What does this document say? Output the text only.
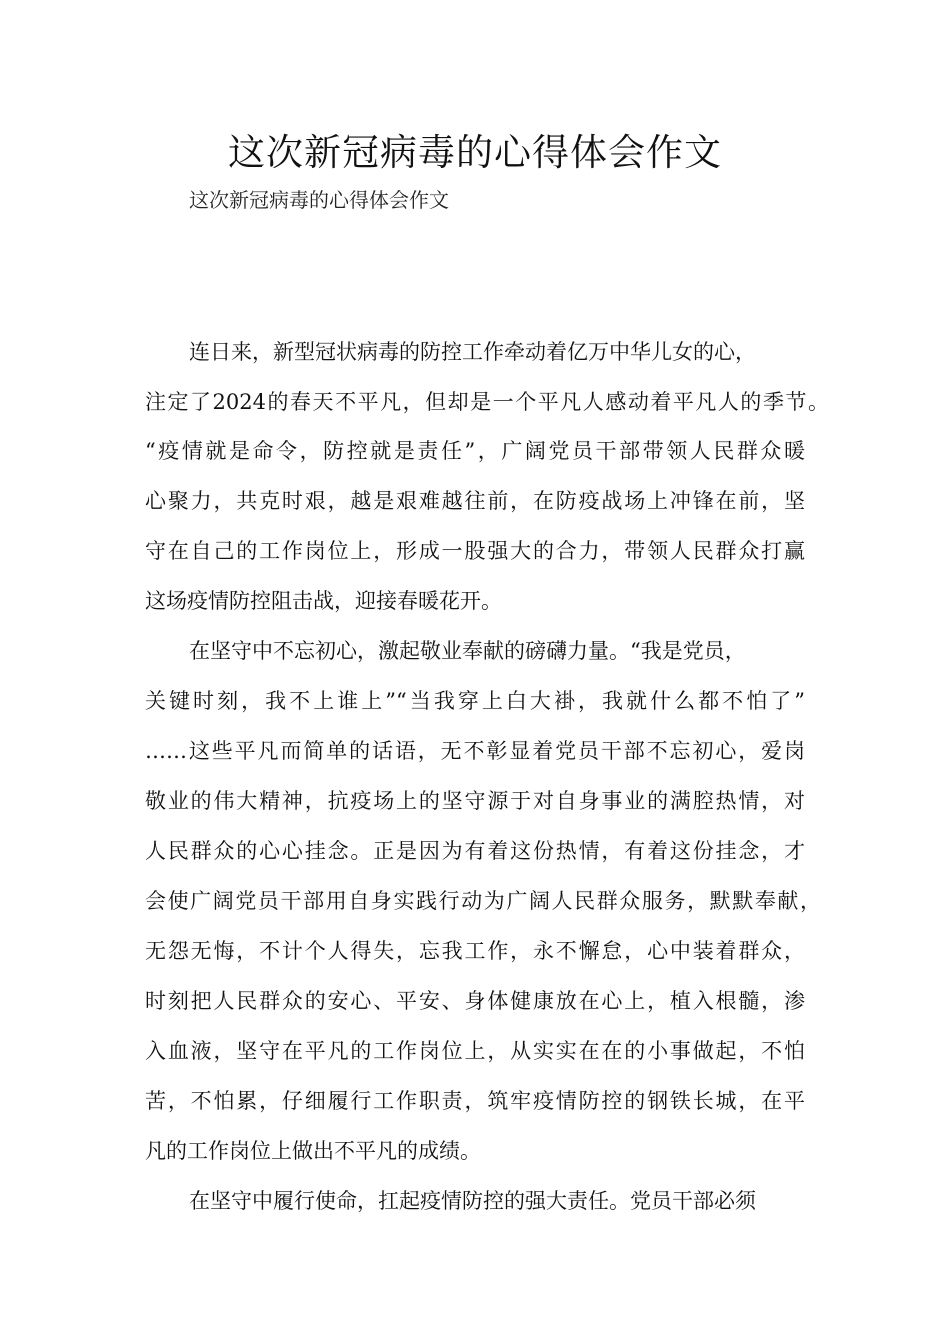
这次新冠病毒的心得体会作文
这次新冠病毒的心得体会作文
连日来，新型冠状病毒的防控工作牵动着亿万中华儿女的心，
注定了2024的春天不平凡，但却是一个平凡人感动着平凡人的季节。
“疫情就是命令，防控就是责任”，广阔党员干部带领人民群众暖
心聚力，共克时艰，越是艰难越往前，在防疫战场上冲锋在前，坚
守在自己的工作岗位上，形成一股强大的合力，带领人民群众打赢
这场疫情防控阻击战，迎接春暖花开。
在坚守中不忘初心，激起敬业奉献的磅礴力量。“我是党员，
关键时刻，我不上谁上”“当我穿上白大褂，我就什么都不怕了”
……这些平凡而简单的话语，无不彰显着党员干部不忘初心，爱岗
敬业的伟大精神，抗疫场上的坚守源于对自身事业的满腔热情，对
人民群众的心心挂念。正是因为有着这份热情，有着这份挂念，才
会使广阔党员干部用自身实践行动为广阔人民群众服务，默默奉献，
无怨无悔，不计个人得失，忘我工作，永不懈怠，心中装着群众，
时刻把人民群众的安心、平安、身体健康放在心上，植入根髓，渗
入血液，坚守在平凡的工作岗位上，从实实在在的小事做起，不怕
苦，不怕累，仔细履行工作职责，筑牢疫情防控的钢铁长城，在平
凡的工作岗位上做出不平凡的成绩。
在坚守中履行使命，扛起疫情防控的强大责任。党员干部必须
